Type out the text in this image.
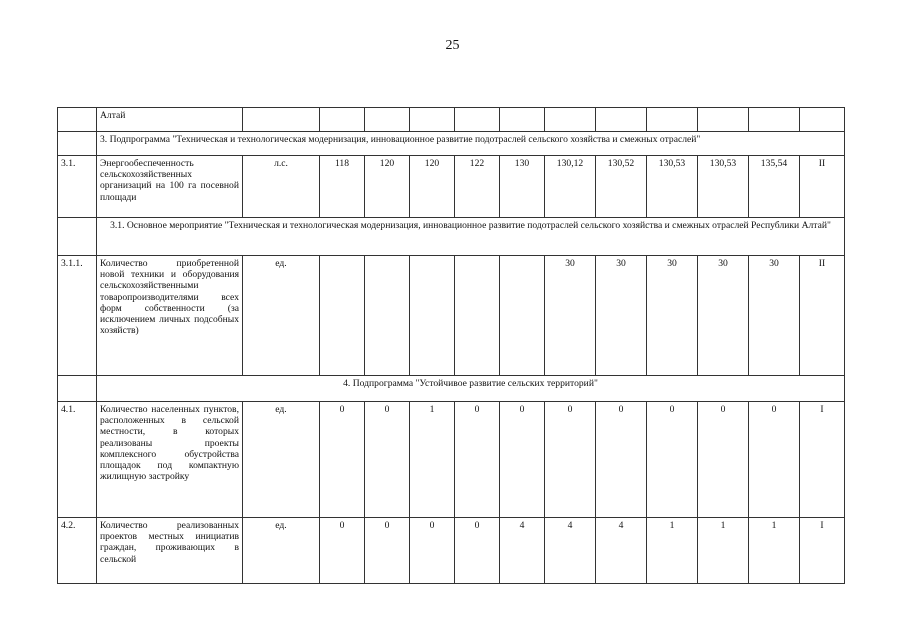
25
	Алтай												
	3. Подпрограмма "Техническая и технологическая модернизация, инновационное развитие подотраслей сельского хозяйства и смежных отраслей"												
3.1.	Энергообеспеченность сельскохозяйственных организаций на 100 га посевной площади	л.с.	118	120	120	122	130	130,12	130,52	130,53	130,53	135,54	II
	3.1. Основное мероприятие "Техническая и технологическая модернизация, инновационное развитие подотраслей сельского хозяйства и смежных отраслей Республики Алтай"												
3.1.1.	Количество приобретенной новой техники и оборудования сельскохозяйственными товаропроизводителями всех форм собственности (за исключением личных подсобных хозяйств)	ед.						30	30	30	30	30	II
	4. Подпрограмма "Устойчивое развитие сельских территорий"												
4.1.	Количество населенных пунктов, расположенных в сельской местности, в которых реализованы проекты комплексного обустройства площадок под компактную жилищную застройку	ед.	0	0	1	0	0	0	0	0	0	0	I
4.2.	Количество реализованных проектов местных инициатив граждан, проживающих в сельской	ед.	0	0	0	0	4	4	4	1	1	1	I
